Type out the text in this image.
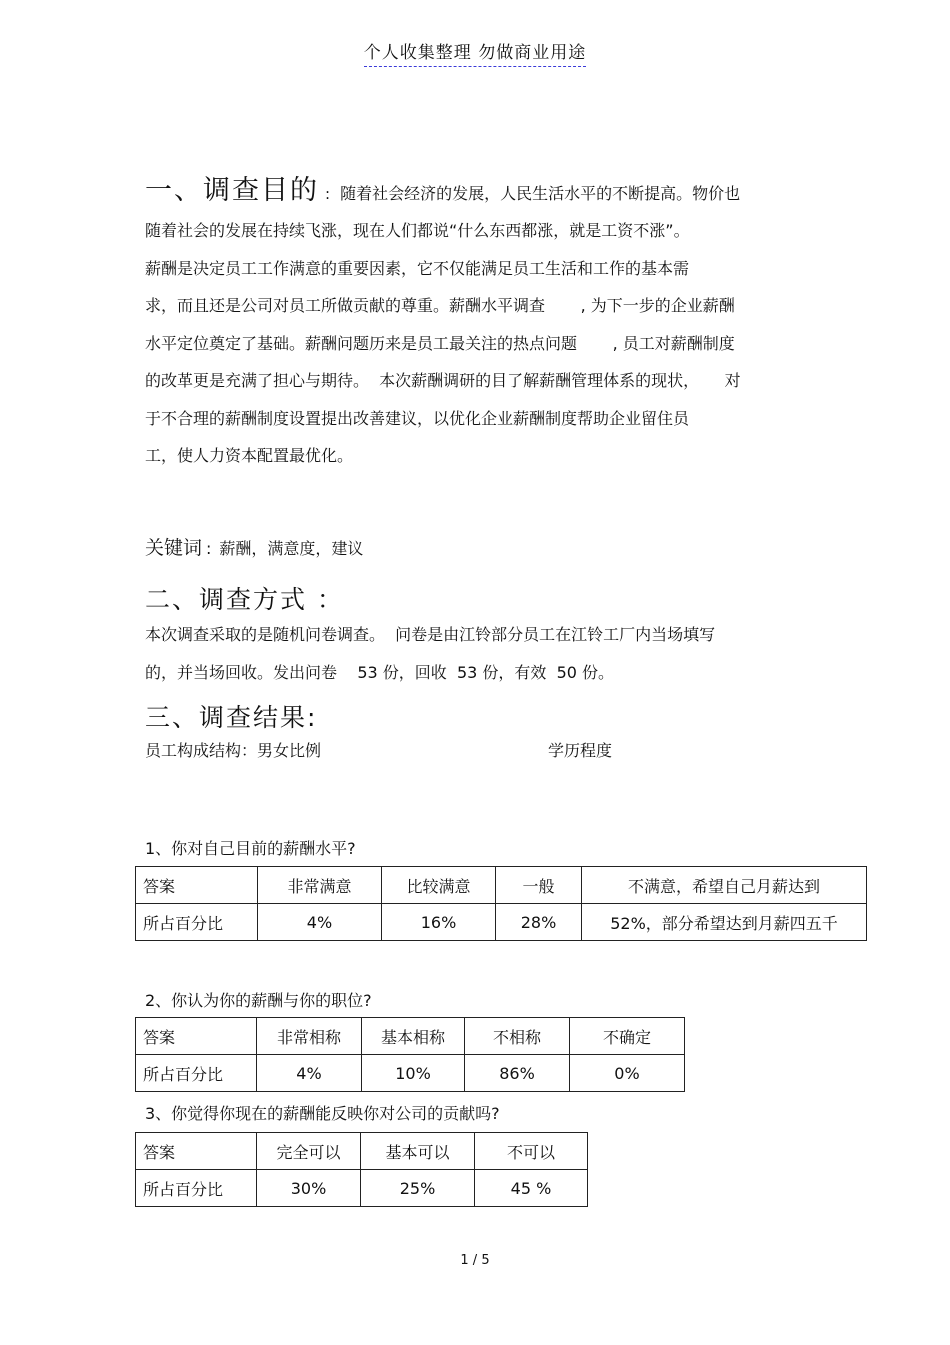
个人收集整理 勿做商业用途
一、调查目的 : 随着社会经济的发展，人民生活水平的不断提高。物价也
随着社会的发展在持续飞涨，现在人们都说“什么东西都涨，就是工资不涨”。
薪酬是决定员工工作满意的重要因素，它不仅能满足员工生活和工作的基本需
求，而且还是公司对员工所做贡献的尊重。薪酬水平调查       , 为下一步的企业薪酬
水平定位奠定了基础。薪酬问题历来是员工最关注的热点问题       , 员工对薪酬制度
的改革更是充满了担心与期待。  本次薪酬调研的目了解薪酬管理体系的现状，     对
于不合理的薪酬制度设置提出改善建议，以优化企业薪酬制度帮助企业留住员
工，使人力资本配置最优化。
关键词 : 薪酬，满意度，建议
二、调查方式 ：
本次调查采取的是随机问卷调查。  问卷是由江铃部分员工在江铃工厂内当场填写
的，并当场回收。发出问卷    53 份，回收  53 份，有效  50 份。
三、调查结果:
员工构成结构：男女比例	学历程度
1、你对自己目前的薪酬水平?
答案	非常满意	比较满意	一般	不满意，希望自己月薪达到
所占百分比	4%	16%	28%	52%，部分希望达到月薪四五千
2、你认为你的薪酬与你的职位?
答案	非常相称	基本相称	不相称	不确定
所占百分比	4%	10%	86%	0%
3、你觉得你现在的薪酬能反映你对公司的贡献吗?
答案	完全可以	基本可以	不可以
所占百分比	30%	25%	45 %
1 / 5
